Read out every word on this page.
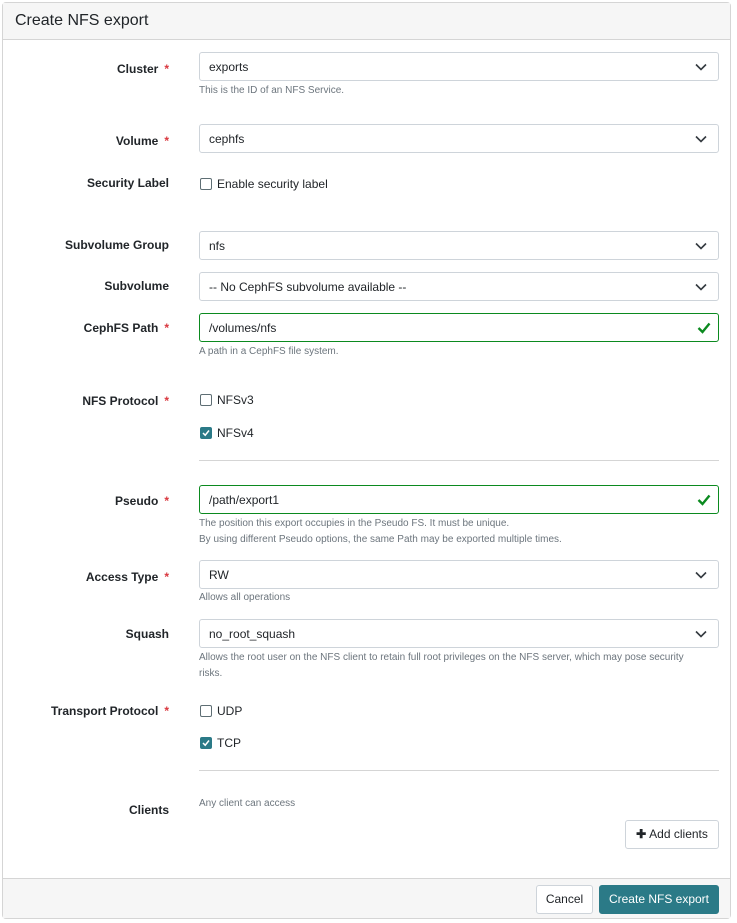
Create NFS export
Cluster *	exports
This is the ID of an NFS Service.
Volume *	cephfs
Security Label	Enable security label
Subvolume Group	nfs
Subvolume	-- No CephFS subvolume available --
CephFS Path *	/volumes/nfs
A path in a CephFS file system.
NFS Protocol *	NFSv3
NFSv4
Pseudo *	/path/export1
The position this export occupies in the Pseudo FS. It must be unique.
By using different Pseudo options, the same Path may be exported multiple times.
Access Type *	RW
Allows all operations
Squash	no_root_squash
Allows the root user on the NFS client to retain full root privileges on the NFS server, which may pose security
risks.
Transport Protocol *	UDP
TCP
Clients	Any client can access
✚ Add clients
Cancel	Create NFS export
